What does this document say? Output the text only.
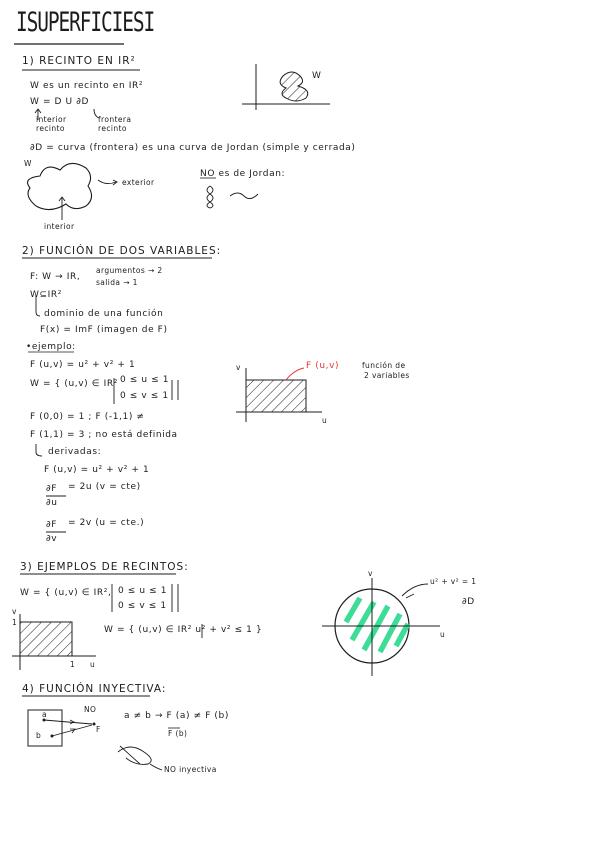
ISUPERFICIESI
1) RECINTO EN IR²
W es un recinto en IR²
W
W = D U ∂D
interior
recinto
frontera
recinto
∂D = curva (frontera) es una curva de Jordan (simple y cerrada)
W
exterior
interior
NO es de Jordan:
2) FUNCIÓN DE DOS VARIABLES:
F: W → IR,
argumentos → 2
salida → 1
W⊆IR²
dominio de una función
F(x) = ImF (imagen de F)
•ejemplo:
F (u,v) = u² + v² + 1
W = { (u,v) ∈ IR² 0 ≤ u ≤ 1
0 ≤ v ≤ 1
F (0,0) = 1 ; F (-1,1) ≠
F (1,1) = 3 ; no está definida
derivadas:
F (u,v) = u² + v² + 1
∂F
∂u
= 2u (v = cte)
∂F
∂v
= 2v (u = cte.)
F (u,v)	función de
2 variables
v
u
3) EJEMPLOS DE RECINTOS:
W = { (u,v) ∈ IR², 0 ≤ u ≤ 1
0 ≤ v ≤ 1
W = { (u,v) ∈ IR² u² + v² ≤ 1 }
v
1
1 u
u² + v² = 1
∂D
v
u
4) FUNCIÓN INYECTIVA:
NO
a
b
F
a ≠ b → F (a) ≠ F (b)
F (b)
NO inyectiva
